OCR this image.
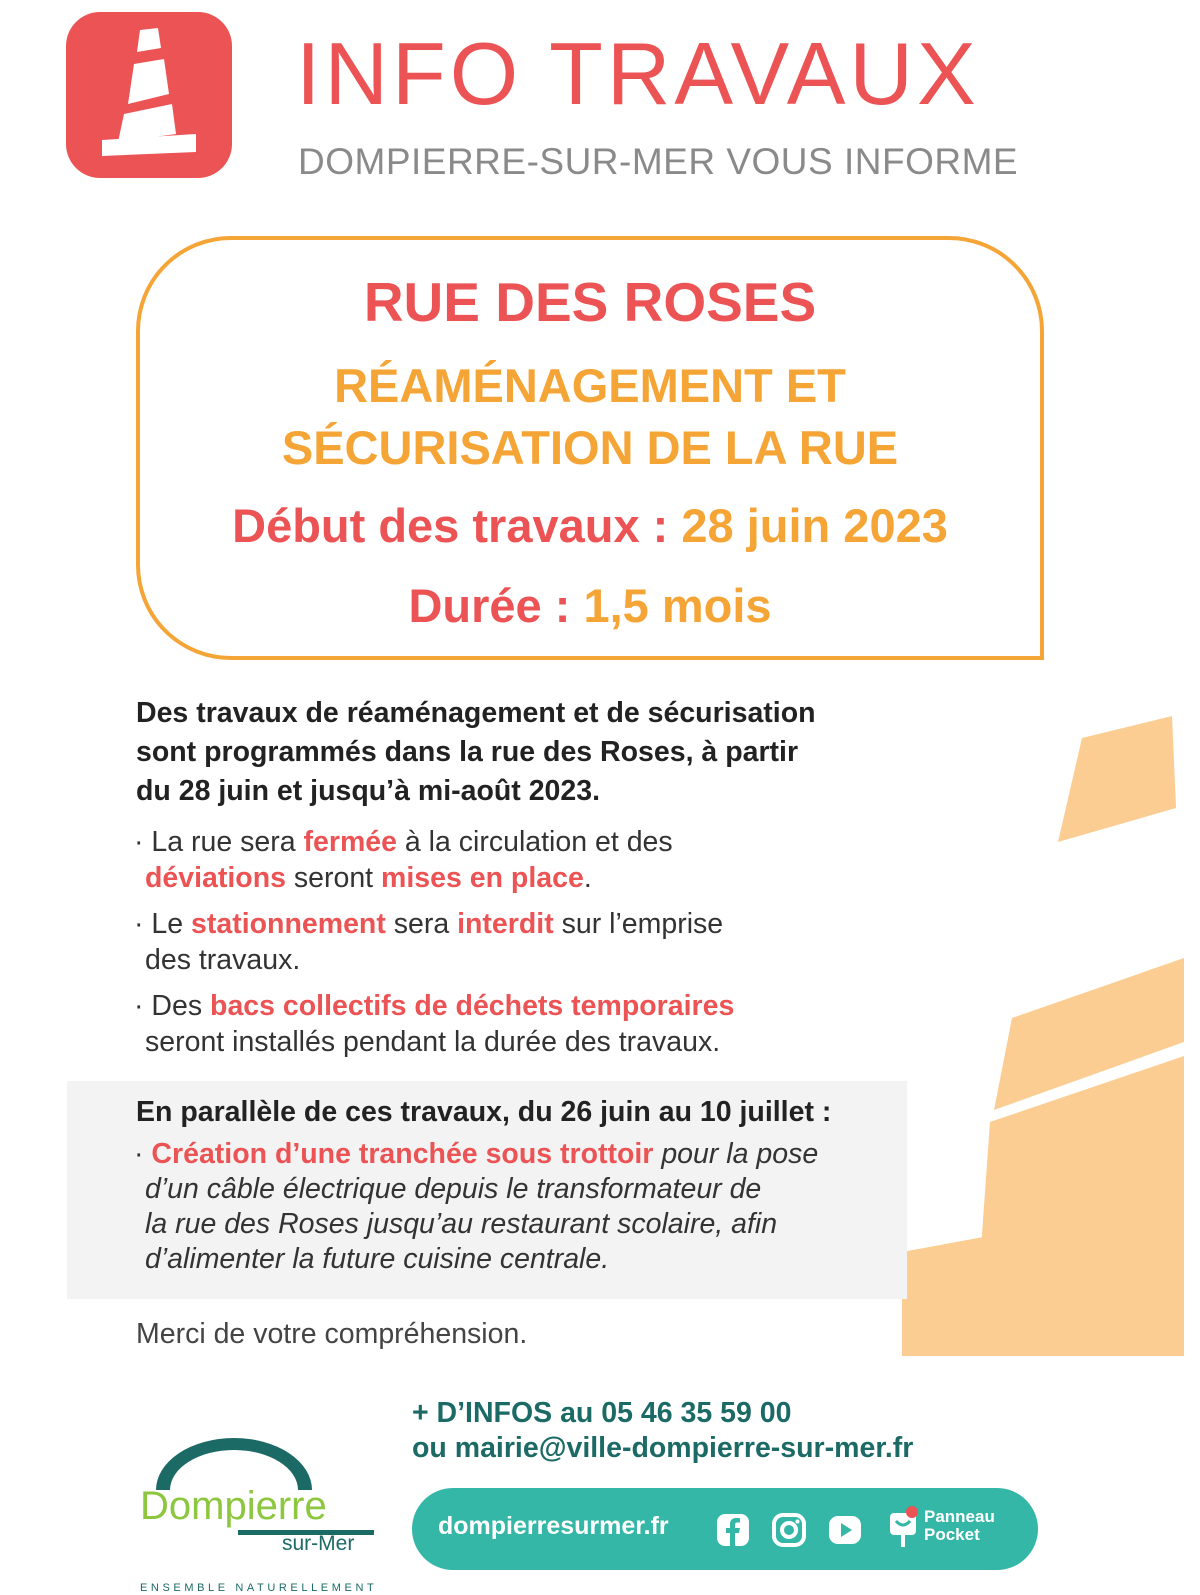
INFO TRAVAUX
DOMPIERRE-SUR-MER VOUS INFORME
RUE DES ROSES
RÉAMÉNAGEMENT ET
SÉCURISATION DE LA RUE
Début des travaux : 28 juin 2023
Durée : 1,5 mois
Des travaux de réaménagement et de sécurisation
sont programmés dans la rue des Roses, à partir
du 28 juin et jusqu’à mi-août 2023.
· La rue sera fermée à la circulation et des
déviations seront mises en place.
· Le stationnement sera interdit sur l’emprise
des travaux.
· Des bacs collectifs de déchets temporaires
seront installés pendant la durée des travaux.
En parallèle de ces travaux, du 26 juin au 10 juillet :
· Création d’une tranchée sous trottoir pour la pose
d’un câble électrique depuis le transformateur de
la rue des Roses jusqu’au restaurant scolaire, afin
d’alimenter la future cuisine centrale.
Merci de votre compréhension.
+ D’INFOS au 05 46 35 59 00
ou mairie@ville-dompierre-sur-mer.fr
Dompierre
sur-Mer
ENSEMBLE NATURELLEMENT
dompierresurmer.fr	Panneau
Pocket
